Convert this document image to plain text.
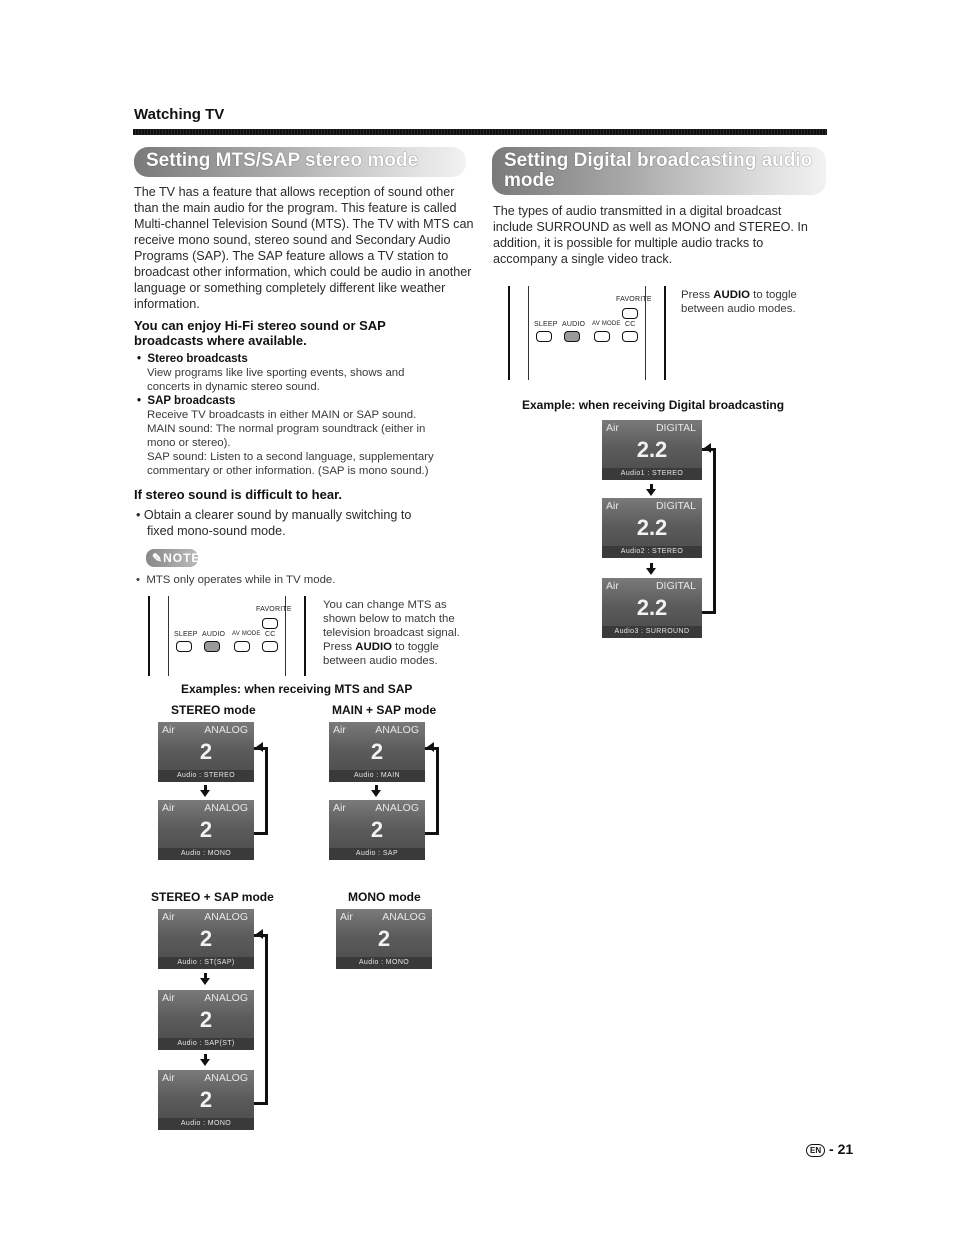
Watching TV
Setting MTS/SAP stereo mode
The TV has a feature that allows reception of sound other than the main audio for the program. This feature is called Multi-channel Television Sound (MTS). The TV with MTS can receive mono sound, stereo sound and Secondary Audio Programs (SAP). The SAP feature allows a TV station to broadcast other information, which could be audio in another language or something completely different like weather information.
You can enjoy Hi-Fi stereo sound or SAP
broadcasts where available.
•  Stereo broadcasts
View programs like live sporting events, shows and
concerts in dynamic stereo sound.
•  SAP broadcasts
Receive TV broadcasts in either MAIN or SAP sound.
MAIN sound: The normal program soundtrack (either in
mono or stereo).
SAP sound: Listen to a second language, supplementary
commentary or other information. (SAP is mono sound.)
If stereo sound is difficult to hear.
• Obtain a clearer sound by manually switching to
fixed mono-sound mode.
✎NOTE
•  MTS only operates while in TV mode.
FAVORITE
SLEEP AUDIO AV MODE CC
You can change MTS as
shown below to match the
television broadcast signal.
Press AUDIO to toggle
between audio modes.
Examples: when receiving MTS and SAP
STEREO mode	MAIN + SAP mode
Air	ANALOG
2
Audio : STEREO
Air	ANALOG
2
Audio : MONO
Air	ANALOG
2
Audio : MAIN
Air	ANALOG
2
Audio : SAP
STEREO + SAP mode	MONO mode
Air	ANALOG
2
Audio : ST(SAP)
Air	ANALOG
2
Audio : SAP(ST)
Air	ANALOG
2
Audio : MONO
Air	ANALOG
2
Audio : MONO
Setting Digital broadcasting audio
mode
The types of audio transmitted in a digital broadcast include SURROUND as well as MONO and STEREO. In addition, it is possible for multiple audio tracks to accompany a single video track.
FAVORITE
SLEEP AUDIO AV MODE CC
Press AUDIO to toggle
between audio modes.
Example: when receiving Digital broadcasting
Air	DIGITAL
2.2
Audio1 : STEREO
Air	DIGITAL
2.2
Audio2 : STEREO
Air	DIGITAL
2.2
Audio3 : SURROUND
EN - 21
